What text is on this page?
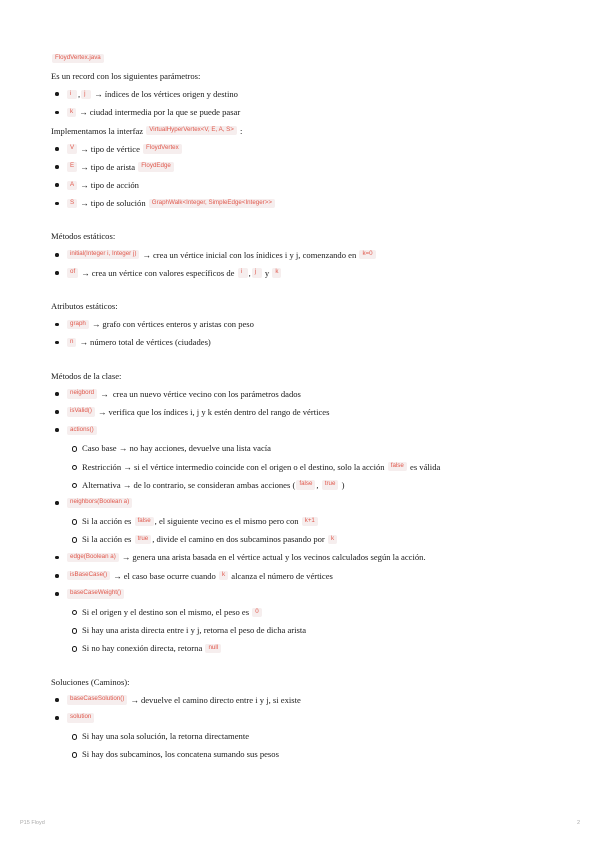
FloydVertex.java
Es un record con los siguientes parámetros:
i , j	→ índices de los vértices origen y destino
k → ciudad intermedia por la que se puede pasar
Implementamos la interfaz
VirtualHyperVertex<V, E, A, S>
:
V → tipo de vértice
FloydVertex
E → tipo de arista
FloydEdge
A → tipo de acción
S → tipo de solución
GraphWalk<Integer, SimpleEdge<Integer>>
Métodos estáticos:
initial(Integer i, Integer j) → crea un vértice inicial con los ínidices i y j, comenzando en
k=0
of → crea un vértice con valores específicos de
i , j
	y
k
Atributos estáticos:
graph → grafo con vértices enteros y aristas con peso
n → número total de vértices (ciudades)
Métodos de la clase:
neigbord →
crea un nuevo vértice vecino con los parámetros dados
isValid() → verifica que los índices i, j y k estén dentro del rango de vértices
actions()
Caso base → no hay acciones, devuelve una lista vacía
Restricción → si el vértice intermedio coincide con el origen o el destino, solo la acción
false
es válida
Alternativa → de lo contrario, se consideran ambas acciones ( false ,
true
)
neighbors(Boolean a)
Si la acción es
false , el siguiente vecino es el mismo pero con
k+1
Si la acción es
true , divide el camino en dos subcaminos pasando por
k
edge(Boolean a) → genera una arista basada en el vértice actual y los vecinos calculados según la acción.
isBaseCase() → el caso base ocurre cuando
k
alcanza el número de vértices
baseCaseWeight()
Si el origen y el destino son el mismo, el peso es
0
Si hay una arista directa entre i y j, retorna el peso de dicha arista
Si no hay conexión directa, retorna
null
Soluciones (Caminos):
baseCaseSolution() → devuelve el camino directo entre i y j, si existe
solution
Si hay una sola solución, la retorna directamente
Si hay dos subcaminos, los concatena sumando sus pesos
P15 Floyd	2
